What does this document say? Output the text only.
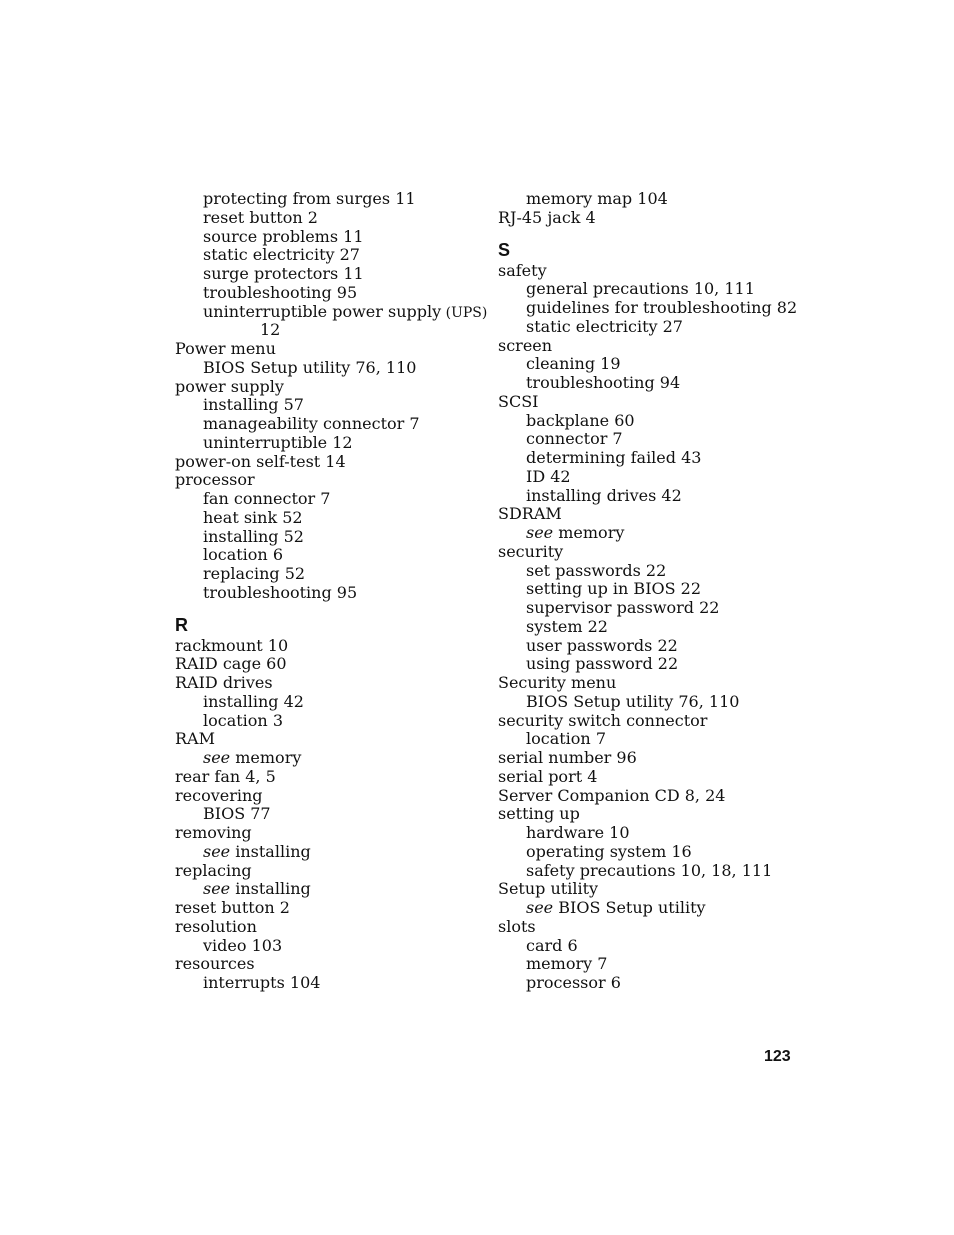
protecting from surges 11
reset button 2
source problems 11
static electricity 27
surge protectors 11
troubleshooting 95
uninterruptible power supply (UPS)
12
Power menu
BIOS Setup utility 76, 110
power supply
installing 57
manageability connector 7
uninterruptible 12
power-on self-test 14
processor
fan connector 7
heat sink 52
installing 52
location 6
replacing 52
troubleshooting 95
R
rackmount 10
RAID cage 60
RAID drives
installing 42
location 3
RAM
see memory
rear fan 4, 5
recovering
BIOS 77
removing
see installing
replacing
see installing
reset button 2
resolution
video 103
resources
interrupts 104
memory map 104
RJ-45 jack 4
S
safety
general precautions 10, 111
guidelines for troubleshooting 82
static electricity 27
screen
cleaning 19
troubleshooting 94
SCSI
backplane 60
connector 7
determining failed 43
ID 42
installing drives 42
SDRAM
see memory
security
set passwords 22
setting up in BIOS 22
supervisor password 22
system 22
user passwords 22
using password 22
Security menu
BIOS Setup utility 76, 110
security switch connector
location 7
serial number 96
serial port 4
Server Companion CD 8, 24
setting up
hardware 10
operating system 16
safety precautions 10, 18, 111
Setup utility
see BIOS Setup utility
slots
card 6
memory 7
processor 6
123
